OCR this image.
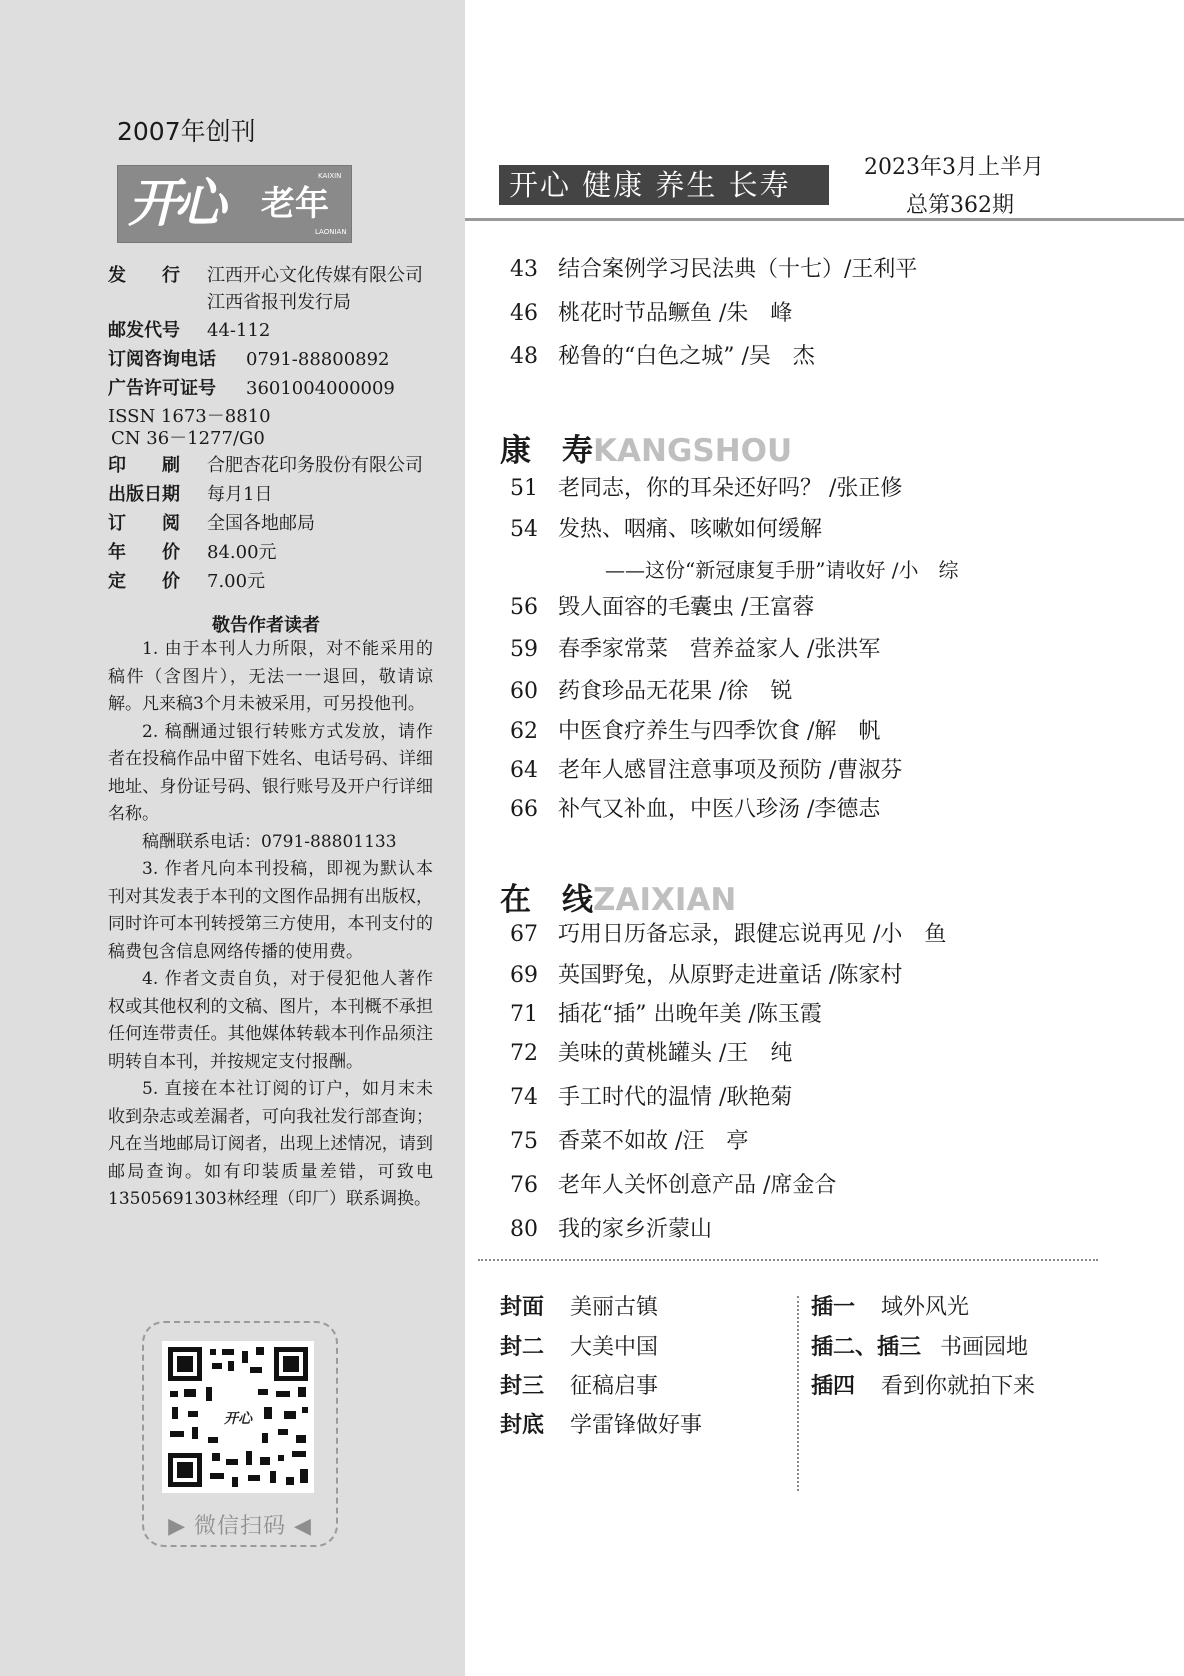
2007年创刊
开心 老年
KAIXIN
LAONIAN
发　　行 江西开心文化传媒有限公司
江西省报刊发行局
邮发代号 44-112
订阅咨询电话 0791-88800892
广告许可证号 3601004000009
ISSN 1673－8810
CN 36－1277/G0
印　　刷 合肥杏花印务股份有限公司
出版日期 每月1日
订　　阅 全国各地邮局
年　　价 84.00元
定　　价 7.00元
敬告作者读者

1. 由于本刊人力所限，对不能采用的稿件（含图片），无法一一退回，敬请谅解。凡来稿3个月未被采用，可另投他刊。

2. 稿酬通过银行转账方式发放，请作者在投稿作品中留下姓名、电话号码、详细地址、身份证号码、银行账号及开户行详细名称。

稿酬联系电话：0791-88801133

3. 作者凡向本刊投稿，即视为默认本刊对其发表于本刊的文图作品拥有出版权，同时许可本刊转授第三方使用，本刊支付的稿费包含信息网络传播的使用费。

4. 作者文责自负，对于侵犯他人著作权或其他权利的文稿、图片，本刊概不承担任何连带责任。其他媒体转载本刊作品须注明转自本刊，并按规定支付报酬。

5. 直接在本社订阅的订户，如月末未收到杂志或差漏者，可向我社发行部查询；凡在当地邮局订阅者，出现上述情况，请到邮局查询。如有印装质量差错，可致电13505691303林经理（印厂）联系调换。

开心
▶ 微信扫码 ◀
开心 健康 养生 长寿
2023年3月上半月
总第362期
43 结合案例学习民法典（十七）/王利平
46 桃花时节品鳜鱼 /朱　峰
48 秘鲁的“白色之城” /吴　杰
康　寿KANGSHOU
51 老同志，你的耳朵还好吗？ /张正修
54 发热、咽痛、咳嗽如何缓解
——这份“新冠康复手册”请收好 /小　综
56 毁人面容的毛囊虫 /王富蓉
59 春季家常菜　营养益家人 /张洪军
60 药食珍品无花果 /徐　锐
62 中医食疗养生与四季饮食 /解　帆
64 老年人感冒注意事项及预防 /曹淑芬
66 补气又补血，中医八珍汤 /李德志
在　线ZAIXIAN
67 巧用日历备忘录，跟健忘说再见 /小　鱼
69 英国野兔，从原野走进童话 /陈家村
71 插花“插” 出晚年美 /陈玉霞
72 美味的黄桃罐头 /王　纯
74 手工时代的温情 /耿艳菊
75 香菜不如故 /汪　亭
76 老年人关怀创意产品 /席金合
80 我的家乡沂蒙山
封面 美丽古镇
封二 大美中国
封三 征稿启事
封底 学雷锋做好事
插一 域外风光
插二、插三 书画园地
插四 看到你就拍下来
